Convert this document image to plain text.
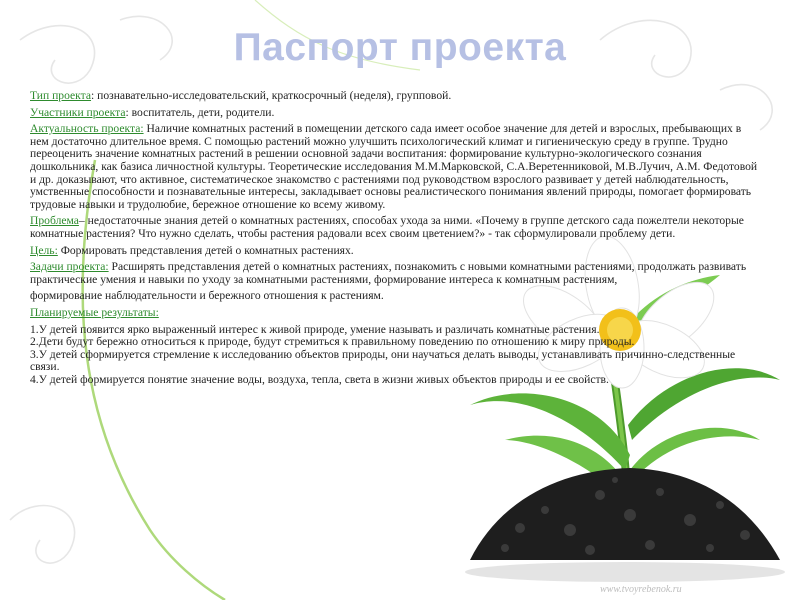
Паспорт проекта

Тип проекта: познавательно-исследовательский, краткосрочный (неделя), групповой.

Участники проекта: воспитатель, дети, родители.

Актуальность проекта: Наличие комнатных растений в помещении детского сада имеет особое значение для детей и взрослых, пребывающих в нем достаточно длительное время. С помощью растений можно улучшить психологический климат и гигиеническую среду в группе. Трудно переоценить значение комнатных растений в решении основной задачи воспитания: формирование культурно-экологического сознания дошкольника, как базиса личностной культуры. Теоретические исследования М.М.Марковской, С.А.Веретенниковой, М.В.Лучич, А.М. Федотовой и др. доказывают, что активное, систематическое знакомство с растениями под руководством взрослого развивает у детей наблюдательность, умственные способности и познавательные интересы, закладывает основы реалистического понимания явлений природы, помогает формировать трудовые навыки и трудолюбие, бережное отношение ко всему живому.

Проблема– недостаточные знания детей о комнатных растениях, способах ухода за ними. «Почему в группе детского сада пожелтели некоторые комнатные растения? Что нужно сделать, чтобы растения радовали всех своим цветением?» - так сформулировали проблему дети.

Цель: Формировать представления детей о комнатных растениях.

Задачи проекта: Расширять представления детей о комнатных растениях, познакомить с новыми комнатными растениями, продолжать развивать практические умения и навыки по уходу за комнатными растениями, формирование интереса к комнатным растениям,

формирование наблюдательности и бережного отношения к растениям.

Планируемые результаты:

1.У детей появится ярко выраженный интерес к живой природе, умение называть и различать комнатные растения.
2.Дети будут бережно относиться к природе, будут стремиться к правильному поведению по отношению к миру природы.
3.У детей сформируется стремление к исследованию объектов природы, они научаться делать выводы, устанавливать причинно-следственные связи.
4.У детей формируется понятие значение воды, воздуха, тепла, света в жизни живых объектов природы и ее свойств.
www.tvoyrebenok.ru
